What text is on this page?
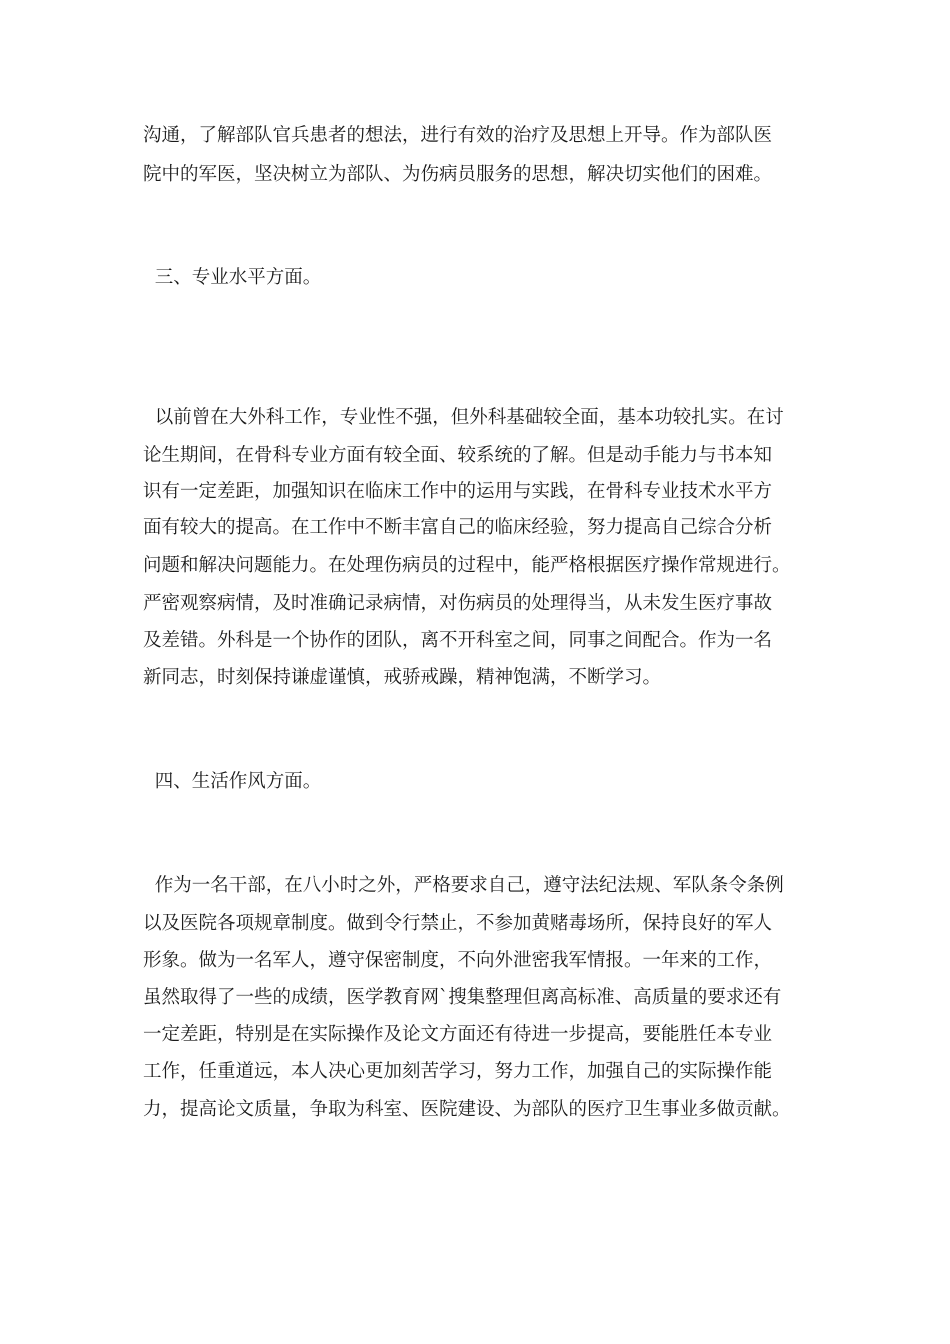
沟通，了解部队官兵患者的想法，进行有效的治疗及思想上开导。作为部队医
院中的军医，坚决树立为部队、为伤病员服务的思想，解决切实他们的困难。
三、专业水平方面。
以前曾在大外科工作，专业性不强，但外科基础较全面，基本功较扎实。在讨
论生期间，在骨科专业方面有较全面、较系统的了解。但是动手能力与书本知
识有一定差距，加强知识在临床工作中的运用与实践，在骨科专业技术水平方
面有较大的提高。在工作中不断丰富自己的临床经验，努力提高自己综合分析
问题和解决问题能力。在处理伤病员的过程中，能严格根据医疗操作常规进行。
严密观察病情，及时准确记录病情，对伤病员的处理得当，从未发生医疗事故
及差错。外科是一个协作的团队，离不开科室之间，同事之间配合。作为一名
新同志，时刻保持谦虚谨慎，戒骄戒躁，精神饱满，不断学习。
四、生活作风方面。
作为一名干部，在八小时之外，严格要求自己，遵守法纪法规、军队条令条例
以及医院各项规章制度。做到令行禁止，不参加黄赌毒场所，保持良好的军人
形象。做为一名军人，遵守保密制度，不向外泄密我军情报。一年来的工作，
虽然取得了一些的成绩，医学教育网`搜集整理但离高标准、高质量的要求还有
一定差距，特别是在实际操作及论文方面还有待进一步提高，要能胜任本专业
工作，任重道远，本人决心更加刻苦学习，努力工作，加强自己的实际操作能
力，提高论文质量，争取为科室、医院建设、为部队的医疗卫生事业多做贡献。
